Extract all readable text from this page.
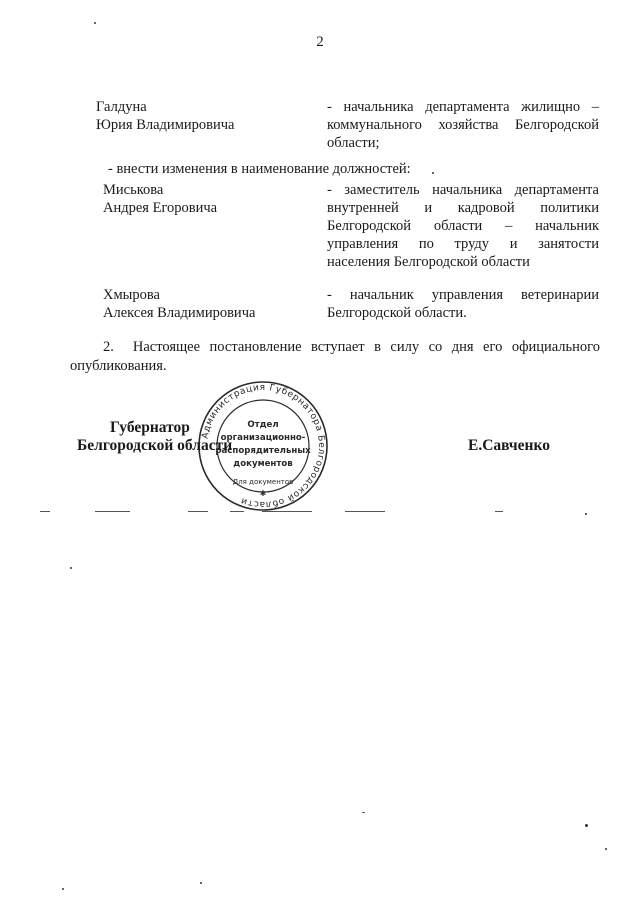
2
Галдуна
Юрия Владимировича
- начальника департамента жилищно –
коммунального хозяйства Белгородской
области;
- внести изменения в наименование должностей:
Миськова
Андрея Егоровича
- заместитель начальника департамента
внутренней и кадровой политики
Белгородской области – начальник
управления по труду и занятости
населения Белгородской области
Хмырова
Алексея Владимировича
- начальник управления ветеринарии
Белгородской области.
2. Настоящее постановление вступает в силу со дня его официального
опубликования.
Администрация Губернатора Белгородской области
Отдел
организационно-
распорядительных
документов
Для документов
✱
Губернатор
Белгородской области	Е.Савченко
